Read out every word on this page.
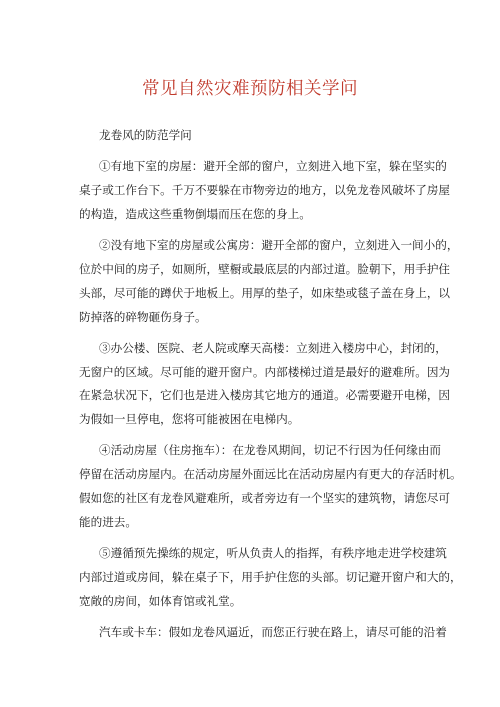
常见自然灾难预防相关学问

龙卷风的防范学问

①有地下室的房屋：避开全部的窗户，立刻进入地下室，躲在坚实的
桌子或工作台下。千万不要躲在市物旁边的地方，以免龙卷风破坏了房屋
的构造，造成这些重物倒塌而压在您的身上。

②没有地下室的房屋或公寓房：避开全部的窗户，立刻进入一间小的，
位於中间的房子，如厕所，壁橱或最底层的内部过道。脸朝下，用手护住
头部，尽可能的蹲伏于地板上。用厚的垫子，如床垫或毯子盖在身上，以
防掉落的碎物砸伤身子。

③办公楼、医院、老人院或摩天高楼：立刻进入楼房中心，封闭的，
无窗户的区域。尽可能的避开窗户。内部楼梯过道是最好的避难所。因为
在紧急状况下，它们也是进入楼房其它地方的通道。必需要避开电梯，因
为假如一旦停电，您将可能被困在电梯内。

④活动房屋（住房拖车）：在龙卷风期间，切记不行因为任何缘由而
停留在活动房屋内。在活动房屋外面远比在活动房屋内有更大的存活时机。
假如您的社区有龙卷风避难所，或者旁边有一个坚实的建筑物，请您尽可
能的进去。

⑤遵循预先操练的规定，听从负责人的指挥，有秩序地走进学校建筑
内部过道或房间，躲在桌子下，用手护住您的头部。切记避开窗户和大的，
宽敞的房间，如体育馆或礼堂。

汽车或卡车：假如龙卷风逼近，而您正行驶在路上，请尽可能的沿着
